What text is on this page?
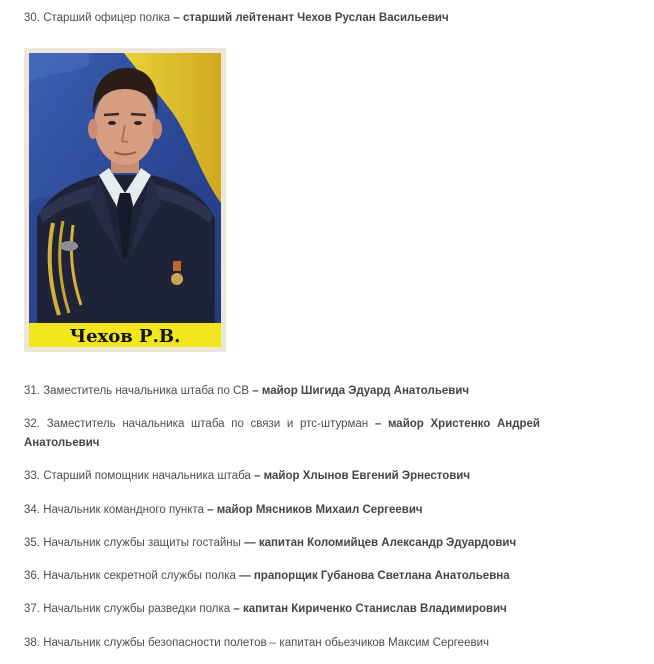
30. Старший офицер полка – старший лейтенант Чехов Руслан Васильевич

Чехов Р.В.

31. Заместитель начальника штаба по СВ – майор Шигида Эдуард Анатольевич

32. Заместитель начальника штаба по связи и ртс-штурман – майор Христенко Андрей Анатольевич

33. Старший помощник начальника штаба – майор Хлынов Евгений Эрнестович

34. Начальник командного пункта – майор Мясников Михаил Сергеевич

35. Начальник службы защиты гостайны — капитан Коломийцев Александр Эдуардович

36. Начальник секретной службы полка — прапорщик Губанова Светлана Анатольевна

37. Начальник службы разведки полка – капитан Кириченко Станислав Владимирович

38. Начальник службы безопасности полетов – капитан обьезчиков Максим Сергеевич
